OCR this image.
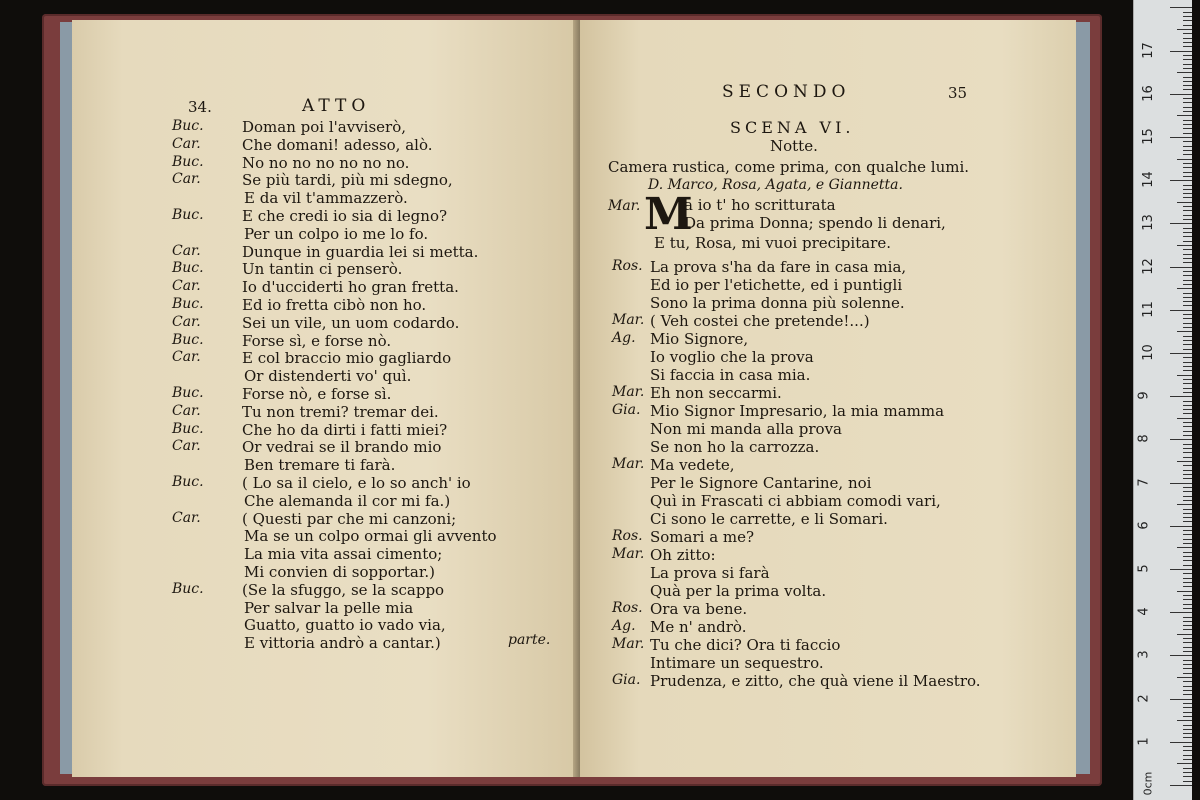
34.	ATTO
Buc.	Doman poi l'avviserò,
Car.	Che domani! adesso, alò.
Buc.	No no no no no no no.
Car.	Se più tardi, più mi sdegno,
E da vil t'ammazzerò.
Buc.	E che credi io sia di legno?
Per un colpo io me lo fo.
Car.	Dunque in guardia lei si metta.
Buc.	Un tantin ci penserò.
Car.	Io d'ucciderti ho gran fretta.
Buc.	Ed io fretta cibò non ho.
Car.	Sei un vile, un uom codardo.
Buc.	Forse sì, e forse nò.
Car.	E col braccio mio gagliardo
Or distenderti vo' quì.
Buc.	Forse nò, e forse sì.
Car.	Tu non tremi? tremar dei.
Buc.	Che ho da dirti i fatti miei?
Car.	Or vedrai se il brando mio
Ben tremare ti farà.
Buc.	( Lo sa il cielo, e lo so anch' io
Che alemanda il cor mi fa.)
Car.	( Questi par che mi canzoni;
Ma se un colpo ormai gli avvento
La mia vita assai cimento;
Mi convien di sopportar.)
Buc.	(Se la sfuggo, se la scappo
Per salvar la pelle mia
Guatto, guatto io vado via,
E vittoria andrò a cantar.)	parte.
SECONDO	35
SCENA VI.
Notte.
Camera rustica, come prima, con qualche lumi.
D. Marco, Rosa, Agata, e Giannetta.
Mar. M
a io t' ho scritturata
Da prima Donna; spendo li denari,
E tu, Rosa, mi vuoi precipitare.
Ros. La prova s'ha da fare in casa mia,
Ed io per l'etichette, ed i puntigli
Sono la prima donna più solenne.
Mar. ( Veh costei che pretende!...)
Ag. Mio Signore,
Io voglio che la prova
Si faccia in casa mia.
Mar. Eh non seccarmi.
Gia. Mio Signor Impresario, la mia mamma
Non mi manda alla prova
Se non ho la carrozza.
Mar. Ma vedete,
Per le Signore Cantarine, noi
Quì in Frascati ci abbiam comodi vari,
Ci sono le carrette, e li Somari.
Ros. Somari a me?
Mar. Oh zitto:
La prova si farà
Quà per la prima volta.
Ros. Ora va bene.
Ag. Me n' andrò.
Mar. Tu che dici? Ora ti faccio
Intimare un sequestro.
Gia. Prudenza, e zitto, che quà viene il Maestro.
1
2
3
4
5
6
7
8
9
10
11
12
13
14
15
16
17
0cm
